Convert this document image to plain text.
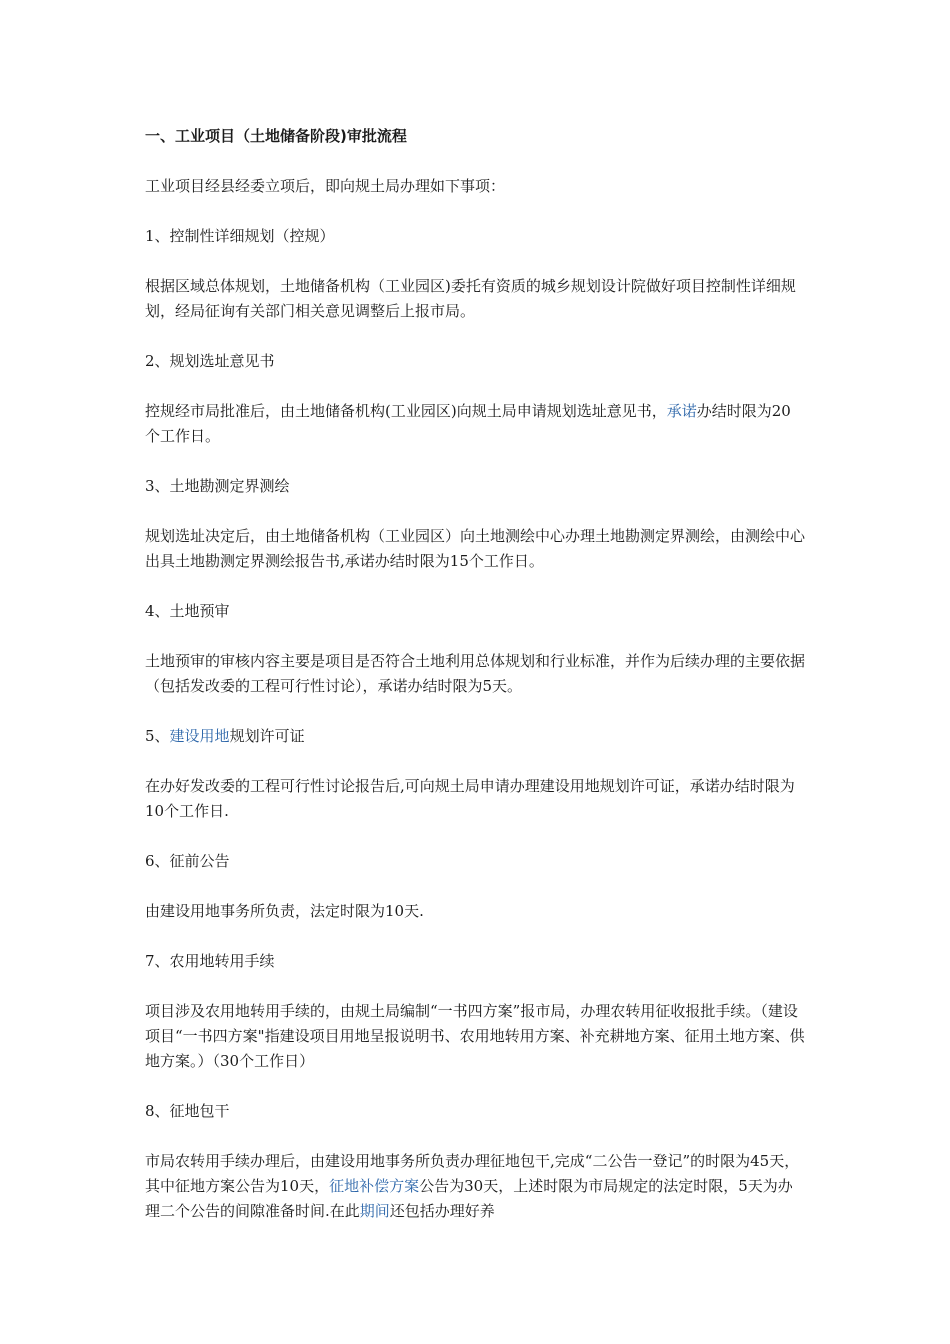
一、工业项目（土地储备阶段)审批流程

工业项目经县经委立项后，即向规土局办理如下事项：

1、控制性详细规划（控规）

根据区域总体规划，土地储备机构（工业园区)委托有资质的城乡规划设计院做好项目控制性详细规划，经局征询有关部门相关意见调整后上报市局。

2、规划选址意见书

控规经市局批准后，由土地储备机构(工业园区)向规土局申请规划选址意见书，承诺办结时限为20个工作日。

3、土地勘测定界测绘

规划选址决定后，由土地储备机构（工业园区）向土地测绘中心办理土地勘测定界测绘，由测绘中心出具土地勘测定界测绘报告书,承诺办结时限为15个工作日。

4、土地预审

土地预审的审核内容主要是项目是否符合土地利用总体规划和行业标准，并作为后续办理的主要依据（包括发改委的工程可行性讨论），承诺办结时限为5天。

5、建设用地规划许可证

在办好发改委的工程可行性讨论报告后,可向规土局申请办理建设用地规划许可证，承诺办结时限为10个工作日.

6、征前公告

由建设用地事务所负责，法定时限为10天.

7、农用地转用手续

项目涉及农用地转用手续的，由规土局编制“一书四方案”报市局，办理农转用征收报批手续。（建设项目“一书四方案"指建设项目用地呈报说明书、农用地转用方案、补充耕地方案、征用土地方案、供地方案。）（30个工作日）

8、征地包干

市局农转用手续办理后，由建设用地事务所负责办理征地包干,完成“二公告一登记”的时限为45天，其中征地方案公告为10天，征地补偿方案公告为30天，上述时限为市局规定的法定时限，5天为办理二个公告的间隙准备时间.在此期间还包括办理好养
